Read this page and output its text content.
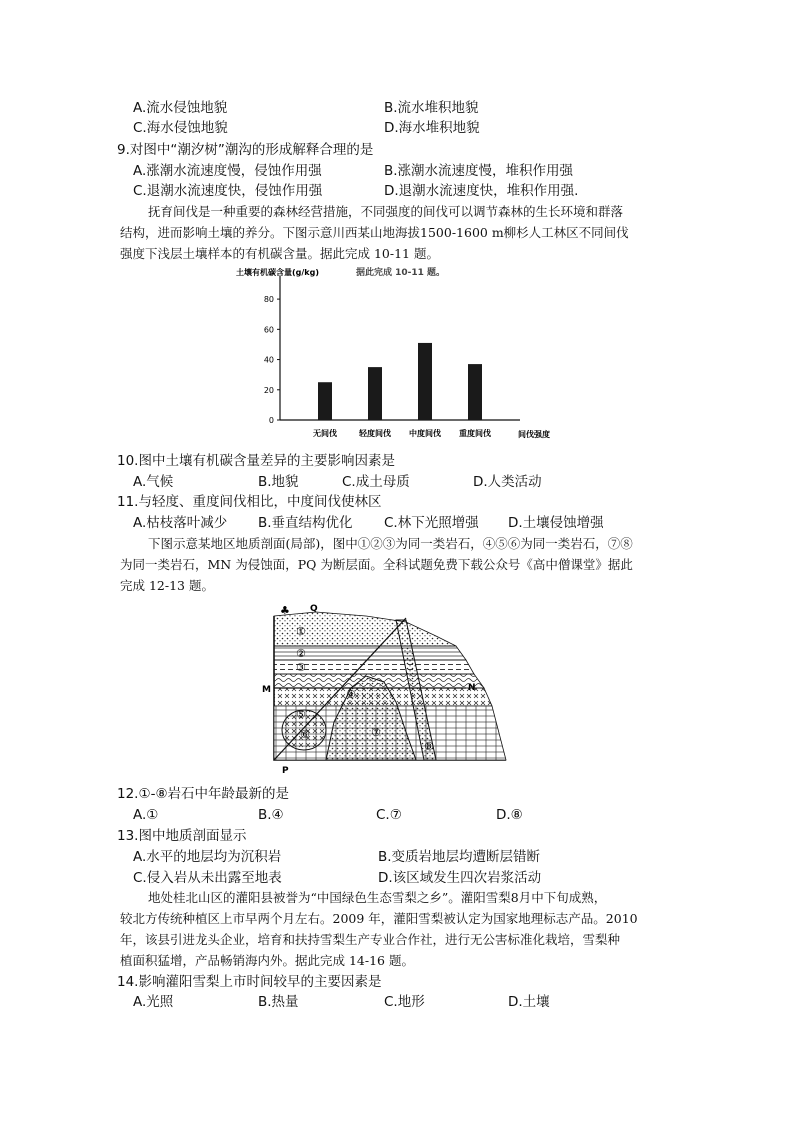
A.流水侵蚀地貌	B.流水堆积地貌
C.海水侵蚀地貌	D.海水堆积地貌
9.对图中“潮汐树”潮沟的形成解释合理的是
A.涨潮水流速度慢，侵蚀作用强	B.涨潮水流速度慢，堆积作用强
C.退潮水流速度快，侵蚀作用强	D.退潮水流速度快，堆积作用强.
抚育间伐是一种重要的森林经营措施，不同强度的间伐可以调节森林的生长环境和群落
结构，进而影响土壤的养分。下图示意川西某山地海拔1500-1600 m柳杉人工林区不同间伐
强度下浅层土壤样本的有机碳含量。据此完成 10-11 题。
土壤有机碳含量(g/kg)	据此完成 10-11 题。
0
20
40
60
80
无间伐	轻度间伐 中度间伐 重度间伐	间伐强度
10.图中土壤有机碳含量差异的主要影响因素是
A.气候	B.地貌	C.成土母质	D.人类活动
11.与轻度、重度间伐相比，中度间伐使林区
A.枯枝落叶减少 B.垂直结构优化 C.林下光照增强 D.土壤侵蚀增强
下图示意某地区地质剖面(局部)，图中①②③为同一类岩石，④⑤⑥为同一类岩石，⑦⑧
为同一类岩石，MN 为侵蚀面，PQ 为断层面。全科试题免费下载公众号《高中僧课堂》据此
完成 12-13 题。
♣
①
②
③
④
⑤
⑥	⑦
⑧
M	N
P
Q
12.①-⑧岩石中年龄最新的是
A.①	B.④	C.⑦	D.⑧
13.图中地质剖面显示
A.水平的地层均为沉积岩	B.变质岩地层均遭断层错断
C.侵入岩从未出露至地表	D.该区域发生四次岩浆活动
地处桂北山区的灌阳县被誉为“中国绿色生态雪梨之乡”。灌阳雪梨8月中下旬成熟，
较北方传统种植区上市早两个月左右。2009 年，灌阳雪梨被认定为国家地理标志产品。2010
年，该县引进龙头企业，培育和扶持雪梨生产专业合作社，进行无公害标准化栽培，雪梨种
植面积猛增，产品畅销海内外。据此完成 14-16 题。
14.影响灌阳雪梨上市时间较早的主要因素是
A.光照	B.热量	C.地形	D.土壤
